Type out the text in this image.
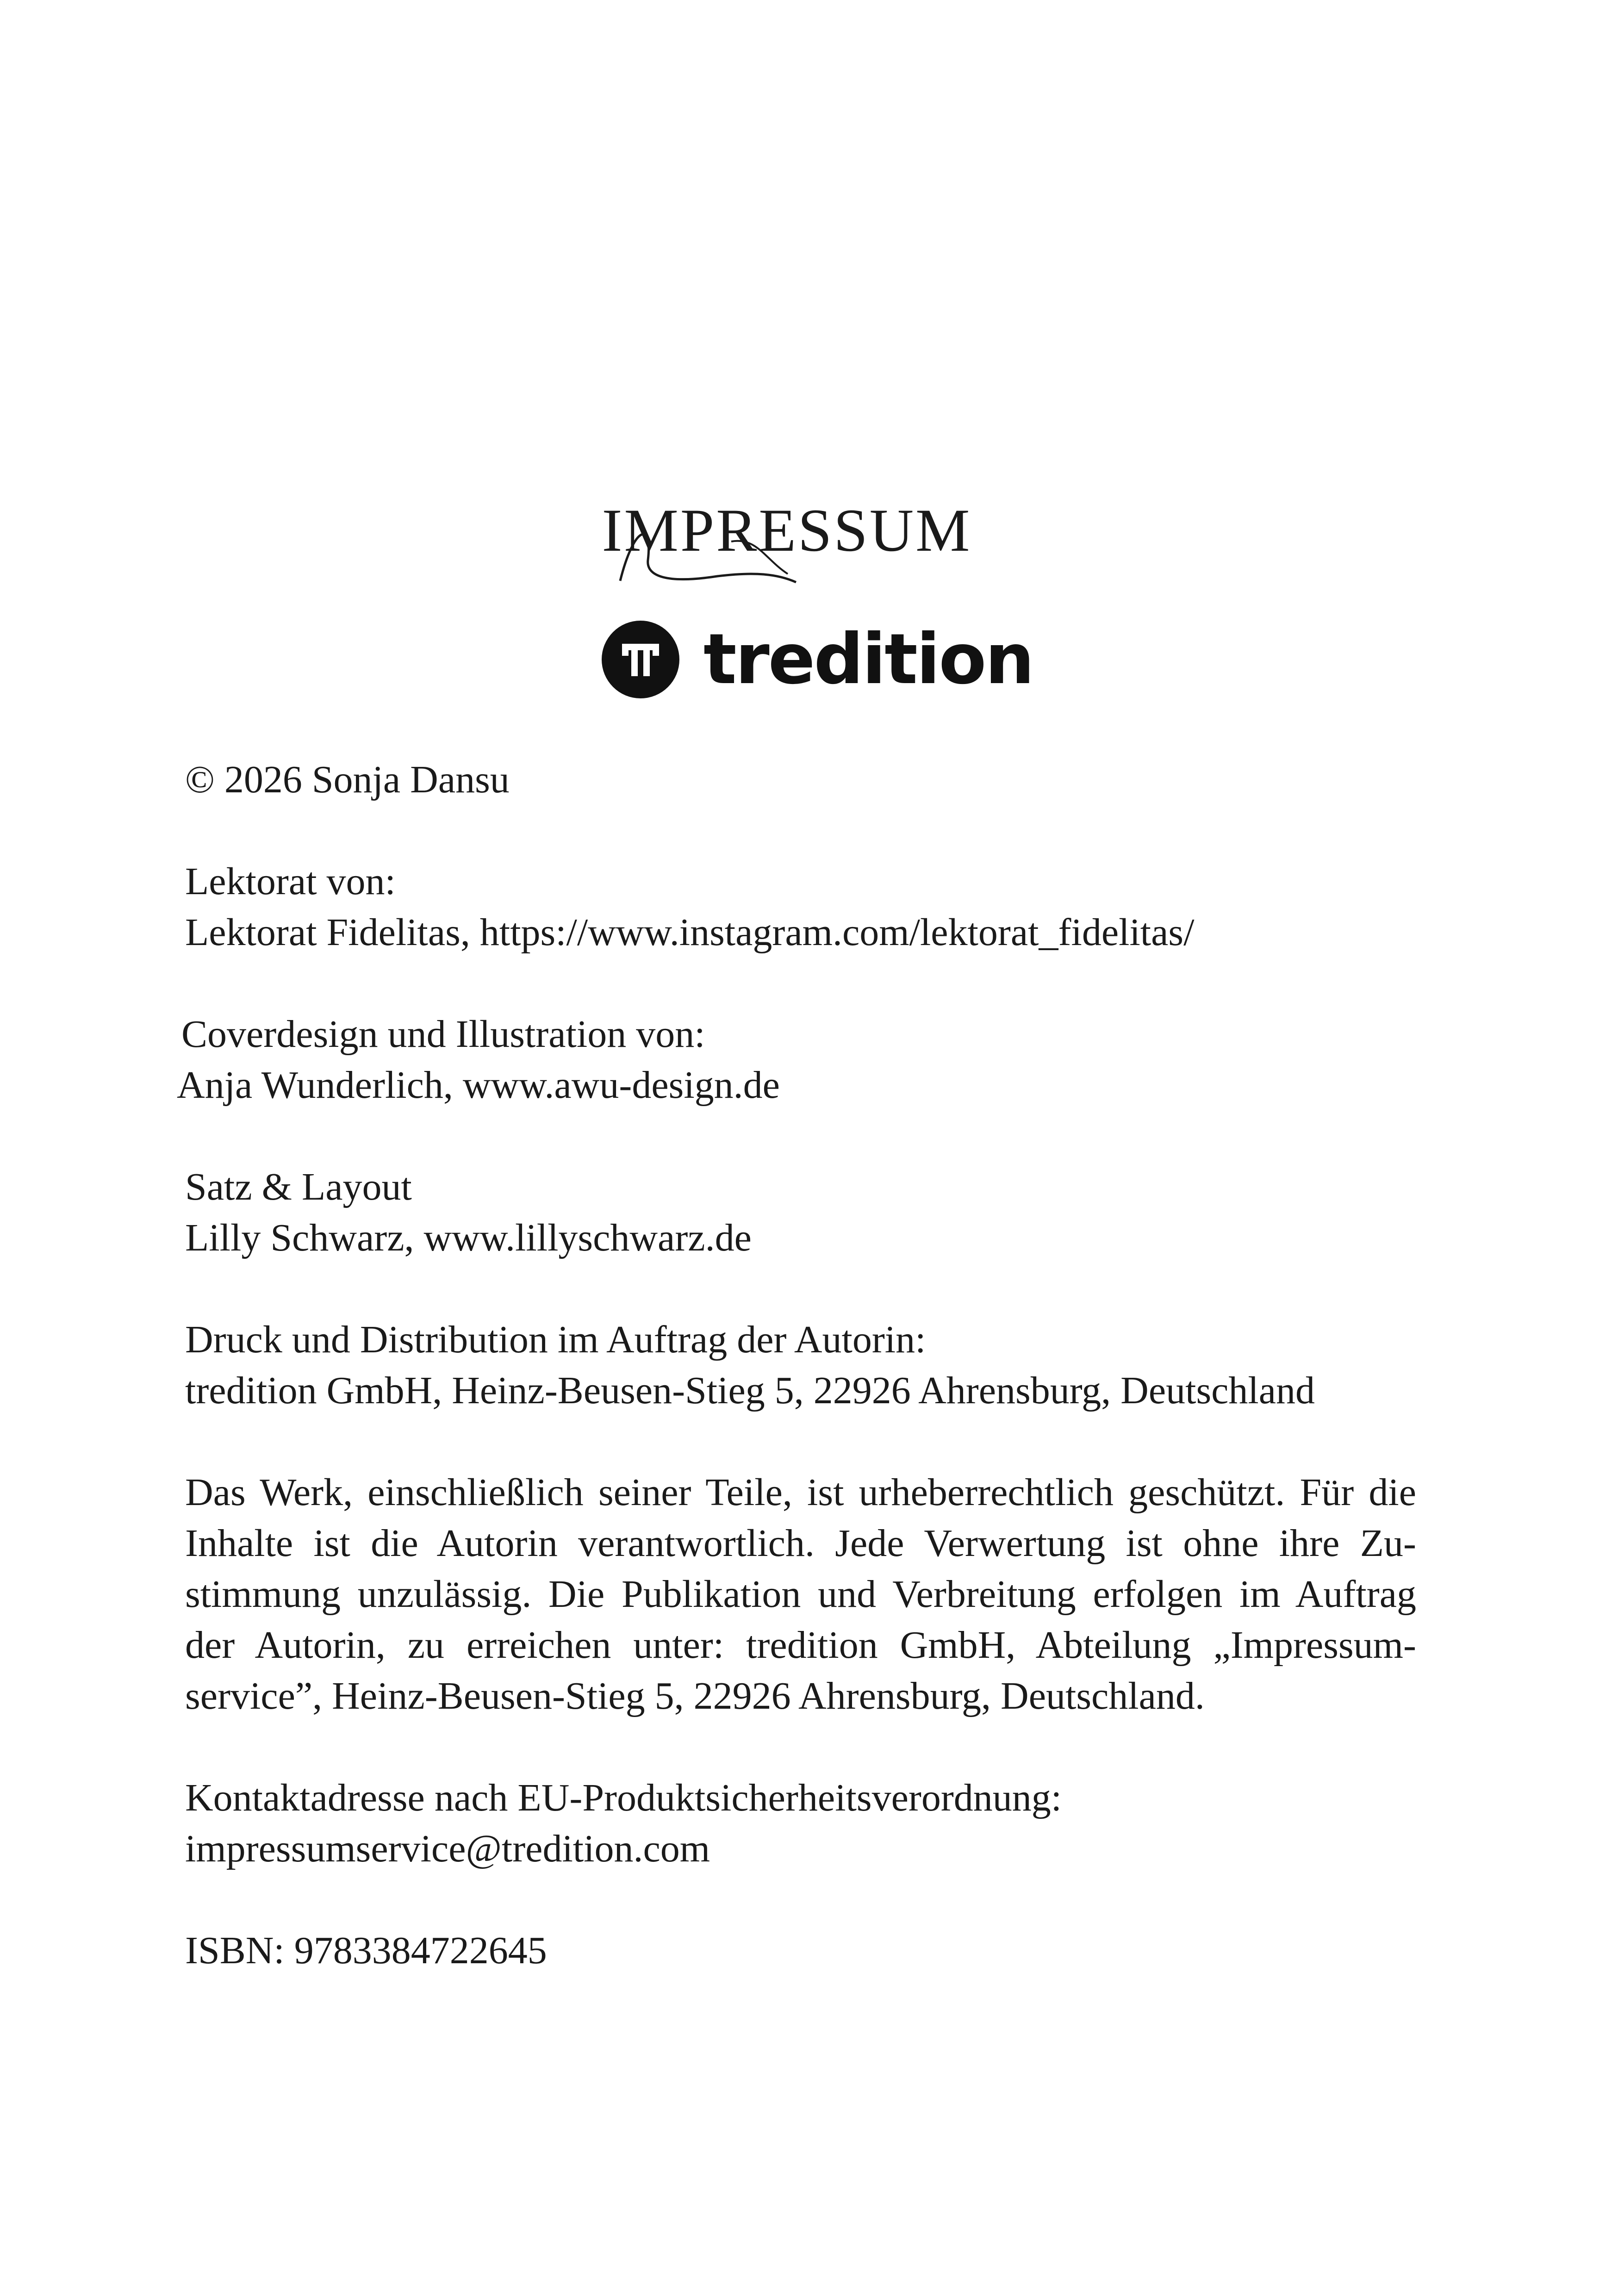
IMPRESSUM
tredition
© 2026 Sonja Dansu
Lektorat von:
Lektorat Fidelitas, https://www.instagram.com/lektorat_fidelitas/
Coverdesign und Illustration von:
Anja Wunderlich, www.awu-design.de
Satz & Layout
Lilly Schwarz, www.lillyschwarz.de
Druck und Distribution im Auftrag der Autorin:
tredition GmbH, Heinz-Beusen-Stieg 5, 22926 Ahrensburg, Deutschland
Das Werk, einschließlich seiner Teile, ist urheberrechtlich geschützt. Für die
Inhalte ist die Autorin verantwortlich. Jede Verwertung ist ohne ihre Zu-
stimmung unzulässig. Die Publikation und Verbreitung erfolgen im Auftrag
der Autorin, zu erreichen unter: tredition GmbH, Abteilung „Impressum-
service”, Heinz-Beusen-Stieg 5, 22926 Ahrensburg, Deutschland.
Kontaktadresse nach EU-Produktsicherheitsverordnung:
impressumservice@tredition.com
ISBN: 9783384722645
